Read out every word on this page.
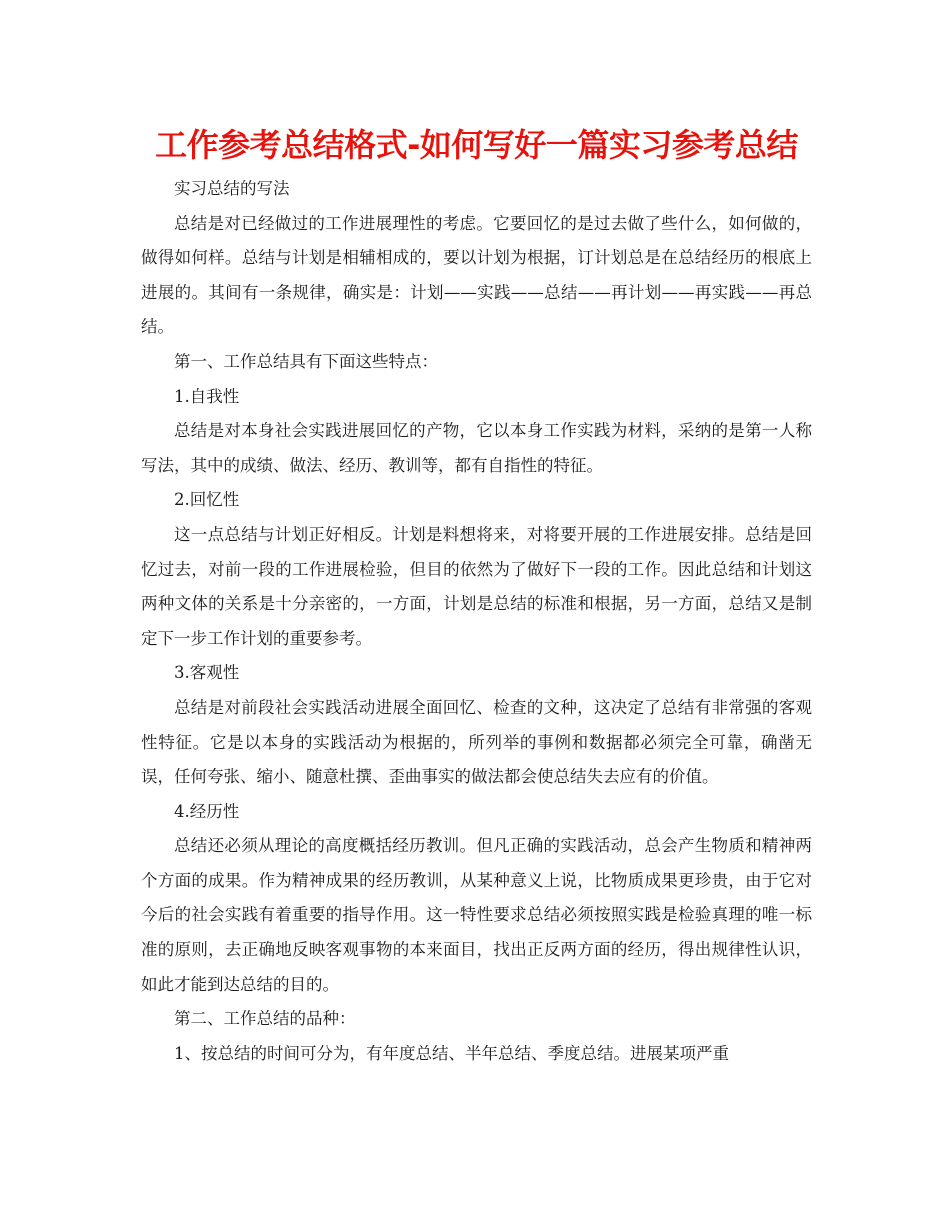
工作参考总结格式-如何写好一篇实习参考总结

实习总结的写法

总结是对已经做过的工作进展理性的考虑。它要回忆的是过去做了些什么，如何做的，做得如何样。总结与计划是相辅相成的，要以计划为根据，订计划总是在总结经历的根底上进展的。其间有一条规律，确实是：计划——实践——总结——再计划——再实践——再总结。

第一、工作总结具有下面这些特点：

1.自我性

总结是对本身社会实践进展回忆的产物，它以本身工作实践为材料，采纳的是第一人称写法，其中的成绩、做法、经历、教训等，都有自指性的特征。

2.回忆性

这一点总结与计划正好相反。计划是料想将来，对将要开展的工作进展安排。总结是回忆过去，对前一段的工作进展检验，但目的依然为了做好下一段的工作。因此总结和计划这两种文体的关系是十分亲密的，一方面，计划是总结的标准和根据，另一方面，总结又是制定下一步工作计划的重要参考。

3.客观性

总结是对前段社会实践活动进展全面回忆、检查的文种，这决定了总结有非常强的客观性特征。它是以本身的实践活动为根据的，所列举的事例和数据都必须完全可靠，确凿无误，任何夸张、缩小、随意杜撰、歪曲事实的做法都会使总结失去应有的价值。

4.经历性

总结还必须从理论的高度概括经历教训。但凡正确的实践活动，总会产生物质和精神两个方面的成果。作为精神成果的经历教训，从某种意义上说，比物质成果更珍贵，由于它对今后的社会实践有着重要的指导作用。这一特性要求总结必须按照实践是检验真理的唯一标准的原则，去正确地反映客观事物的本来面目，找出正反两方面的经历，得出规律性认识，如此才能到达总结的目的。

第二、工作总结的品种：

1、按总结的时间可分为，有年度总结、半年总结、季度总结。进展某项严重
